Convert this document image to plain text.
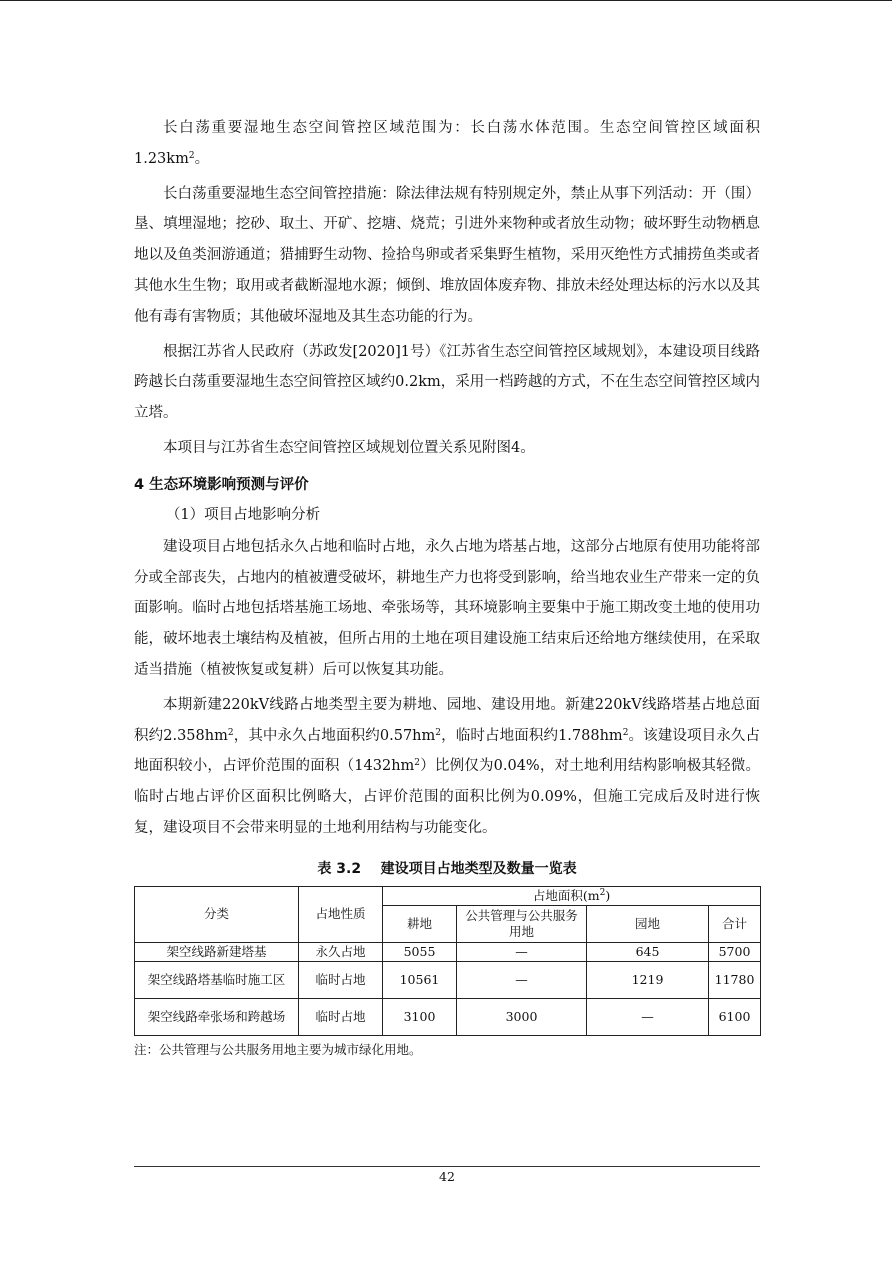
长白荡重要湿地生态空间管控区域范围为：长白荡水体范围。生态空间管控区域面积$1.23km^2$。

长白荡重要湿地生态空间管控措施：除法律法规有特别规定外，禁止从事下列活动：开（围）垦、填埋湿地；挖砂、取土、开矿、挖塘、烧荒；引进外来物种或者放生动物；破坏野生动物栖息地以及鱼类洄游通道；猎捕野生动物、捡拾鸟卵或者采集野生植物，采用灭绝性方式捕捞鱼类或者其他水生生物；取用或者截断湿地水源；倾倒、堆放固体废弃物、排放未经处理达标的污水以及其他有毒有害物质；其他破坏湿地及其生态功能的行为。

根据江苏省人民政府（苏政发[2020]1号）《江苏省生态空间管控区域规划》，本建设项目线路跨越长白荡重要湿地生态空间管控区域约0.2km，采用一档跨越的方式，不在生态空间管控区域内立塔。

本项目与江苏省生态空间管控区域规划位置关系见附图4。

4 生态环境影响预测与评价
（1）项目占地影响分析

建设项目占地包括永久占地和临时占地，永久占地为塔基占地，这部分占地原有使用功能将部分或全部丧失，占地内的植被遭受破坏，耕地生产力也将受到影响，给当地农业生产带来一定的负面影响。临时占地包括塔基施工场地、牵张场等，其环境影响主要集中于施工期改变土地的使用功能，破坏地表土壤结构及植被，但所占用的土地在项目建设施工结束后还给地方继续使用，在采取适当措施（植被恢复或复耕）后可以恢复其功能。

本期新建220kV线路占地类型主要为耕地、园地、建设用地。新建220kV线路塔基占地总面积约$2.358hm^2$，其中永久占地面积约$0.57hm^2$，临时占地面积约$1.788hm^2$。该建设项目永久占地面积较小，占评价范围的面积$(1432hm^2)$比例仅为0.04%，对土地利用结构影响极其轻微。临时占地占评价区面积比例略大，占评价范围的面积比例为0.09%，但施工完成后及时进行恢复，建设项目不会带来明显的土地利用结构与功能变化。

表 3.2    建设项目占地类型及数量一览表
分类	占地性质	占地面积$(m^2)$			
		耕地	公共管理与公共服务用地	园地	合计
架空线路新建塔基	永久占地	5055	—	645	5700
架空线路塔基临时施工区	临时占地	10561	—	1219	11780
架空线路牵张场和跨越场	临时占地	3100	3000	—	6100
注：公共管理与公共服务用地主要为城市绿化用地。
42
